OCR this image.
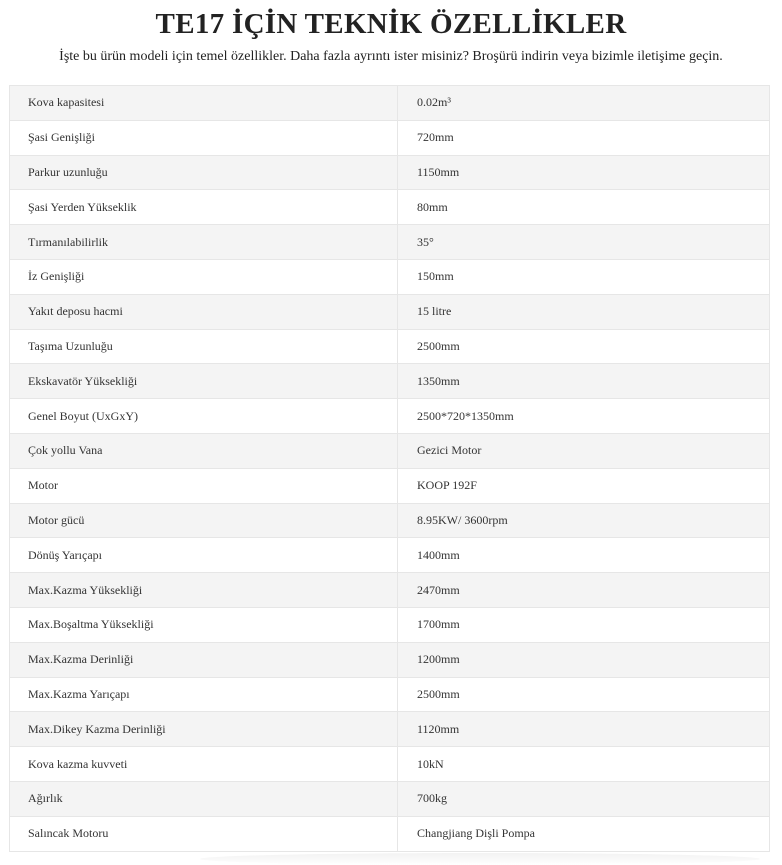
TE17 İÇİN TEKNİK ÖZELLİKLER

İşte bu ürün modeli için temel özellikler. Daha fazla ayrıntı ister misiniz? Broşürü indirin veya bizimle iletişime geçin.

Kova kapasitesi	0.02m³
Şasi Genişliği	720mm
Parkur uzunluğu	1150mm
Şasi Yerden Yükseklik	80mm
Tırmanılabilirlik	35°
İz Genişliği	150mm
Yakıt deposu hacmi	15 litre
Taşıma Uzunluğu	2500mm
Ekskavatör Yüksekliği	1350mm
Genel Boyut (UxGxY)	2500*720*1350mm
Çok yollu Vana	Gezici Motor
Motor	KOOP 192F
Motor gücü	8.95KW/ 3600rpm
Dönüş Yarıçapı	1400mm
Max.Kazma Yüksekliği	2470mm
Max.Boşaltma Yüksekliği	1700mm
Max.Kazma Derinliği	1200mm
Max.Kazma Yarıçapı	2500mm
Max.Dikey Kazma Derinliği	1120mm
Kova kazma kuvveti	10kN
Ağırlık	700kg
Salıncak Motoru	Changjiang Dişli Pompa
